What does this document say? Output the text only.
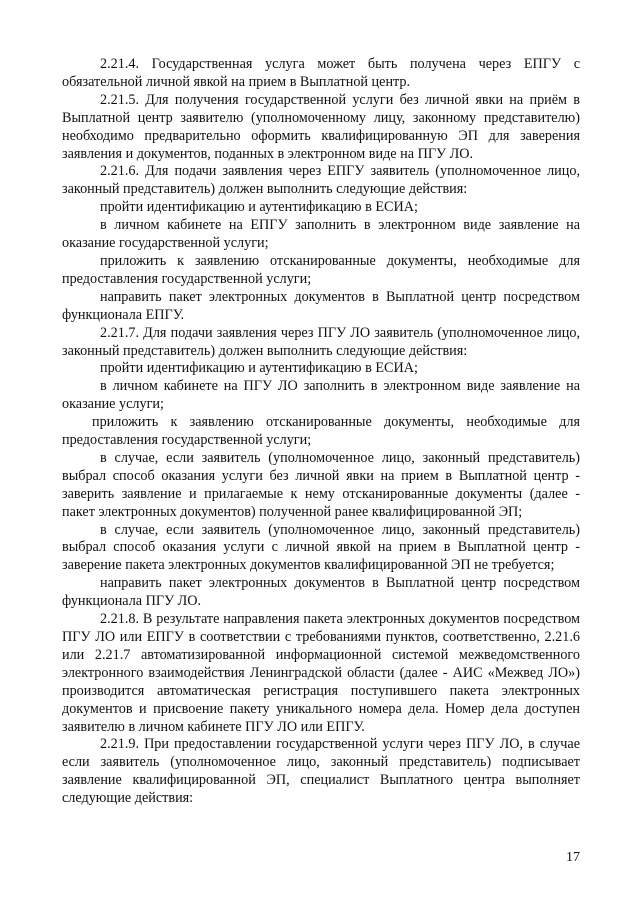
2.21.4. Государственная услуга может быть получена через ЕПГУ с обязательной личной явкой на прием в Выплатной центр.

2.21.5. Для получения государственной услуги без личной явки на приём в Выплатной центр заявителю (уполномоченному лицу, законному представителю) необходимо предварительно оформить квалифицированную ЭП для заверения заявления и документов, поданных в электронном виде на ПГУ ЛО.

2.21.6. Для подачи заявления через ЕПГУ заявитель (уполномоченное лицо, законный представитель) должен выполнить следующие действия:

пройти идентификацию и аутентификацию в ЕСИА;

в личном кабинете на ЕПГУ заполнить в электронном виде заявление на оказание государственной услуги;

приложить к заявлению отсканированные документы, необходимые для предоставления государственной услуги;

направить пакет электронных документов в Выплатной центр посредством функционала ЕПГУ.

2.21.7. Для подачи заявления через ПГУ ЛО заявитель (уполномоченное лицо, законный представитель) должен выполнить следующие действия:

пройти идентификацию и аутентификацию в ЕСИА;

в личном кабинете на ПГУ ЛО заполнить в электронном виде заявление на оказание услуги;

приложить к заявлению отсканированные документы, необходимые для предоставления государственной услуги;

в случае, если заявитель (уполномоченное лицо, законный представитель) выбрал способ оказания услуги без личной явки на прием в Выплатной центр - заверить заявление и прилагаемые к нему отсканированные документы (далее - пакет электронных документов) полученной ранее квалифицированной ЭП;

в случае, если заявитель (уполномоченное лицо, законный представитель) выбрал способ оказания услуги с личной явкой на прием в Выплатной центр - заверение пакета электронных документов квалифицированной ЭП не требуется;

направить пакет электронных документов в Выплатной центр посредством функционала ПГУ ЛО.

2.21.8. В результате направления пакета электронных документов посредством ПГУ ЛО или ЕПГУ в соответствии с требованиями пунктов, соответственно, 2.21.6 или 2.21.7 автоматизированной информационной системой межведомственного электронного взаимодействия Ленинградской области (далее - АИС «Межвед ЛО») производится автоматическая регистрация поступившего пакета электронных документов и присвоение пакету уникального номера дела. Номер дела доступен заявителю в личном кабинете ПГУ ЛО или ЕПГУ.

2.21.9. При предоставлении государственной услуги через ПГУ ЛО, в случае если заявитель (уполномоченное лицо, законный представитель) подписывает заявление квалифицированной ЭП, специалист Выплатного центра выполняет следующие действия:

17
